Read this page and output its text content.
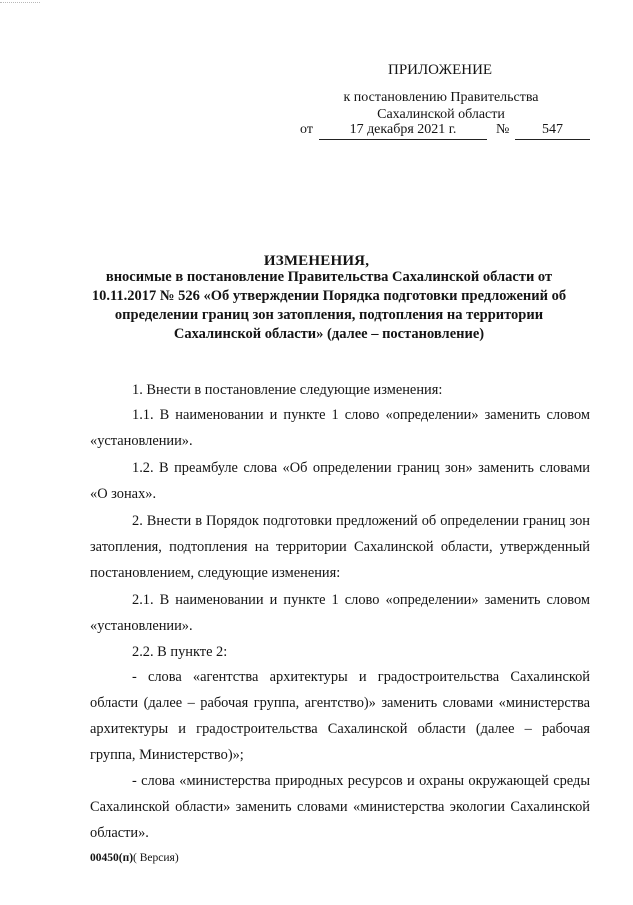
ПРИЛОЖЕНИЕ
к постановлению Правительства
Сахалинской области
от	17 декабря 2021 г.	№	547
ИЗМЕНЕНИЯ,
вносимые в постановление Правительства Сахалинской области от 10.11.2017 № 526 «Об утверждении Порядка подготовки предложений об определении границ зон затопления, подтопления на территории Сахалинской области» (далее – постановление)
1. Внести в постановление следующие изменения:
1.1. В наименовании и пункте 1 слово «определении» заменить словом «установлении».
1.2. В преамбуле слова «Об определении границ зон» заменить словами «О зонах».
2. Внести в Порядок подготовки предложений об определении границ зон затопления, подтопления на территории Сахалинской области, утвержденный постановлением, следующие изменения:
2.1. В наименовании и пункте 1 слово «определении» заменить словом «установлении».
2.2. В пункте 2:
- слова «агентства архитектуры и градостроительства Сахалинской области (далее – рабочая группа, агентство)» заменить словами «министерства архитектуры и градостроительства Сахалинской области (далее – рабочая группа, Министерство)»;
- слова «министерства природных ресурсов и охраны окружающей среды Сахалинской области» заменить словами «министерства экологии Сахалинской области».
00450(п)( Версия)
